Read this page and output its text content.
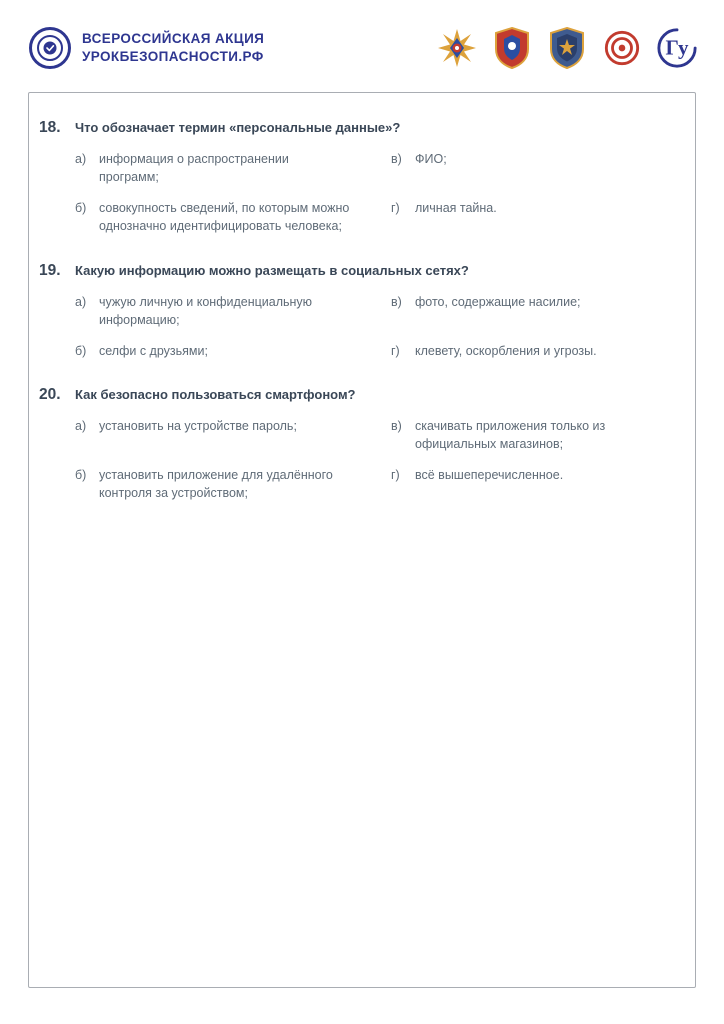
ВСЕРОССИЙСКАЯ АКЦИЯ
УРОКБЕЗОПАСНОСТИ.РФ	Гу
18.	Что обозначает термин «персональные данные»?
а)	информация о распространении программ;
б) совокупность сведений, по которым можно однозначно идентифицировать человека;
в)	ФИО;
г)	личная тайна.
19.	Какую информацию можно размещать в социальных сетях?
а)	чужую личную и конфиденциальную информацию;
б) селфи с друзьями;
в)	фото, содержащие насилие;
г)	клевету, оскорбления и угрозы.
20.	Как безопасно пользоваться смартфоном?
а)	установить на устройстве пароль;
б) установить приложение для удалённого контроля за устройством;
в)	скачивать приложения только из официальных магазинов;
г)	всё вышеперечисленное.
